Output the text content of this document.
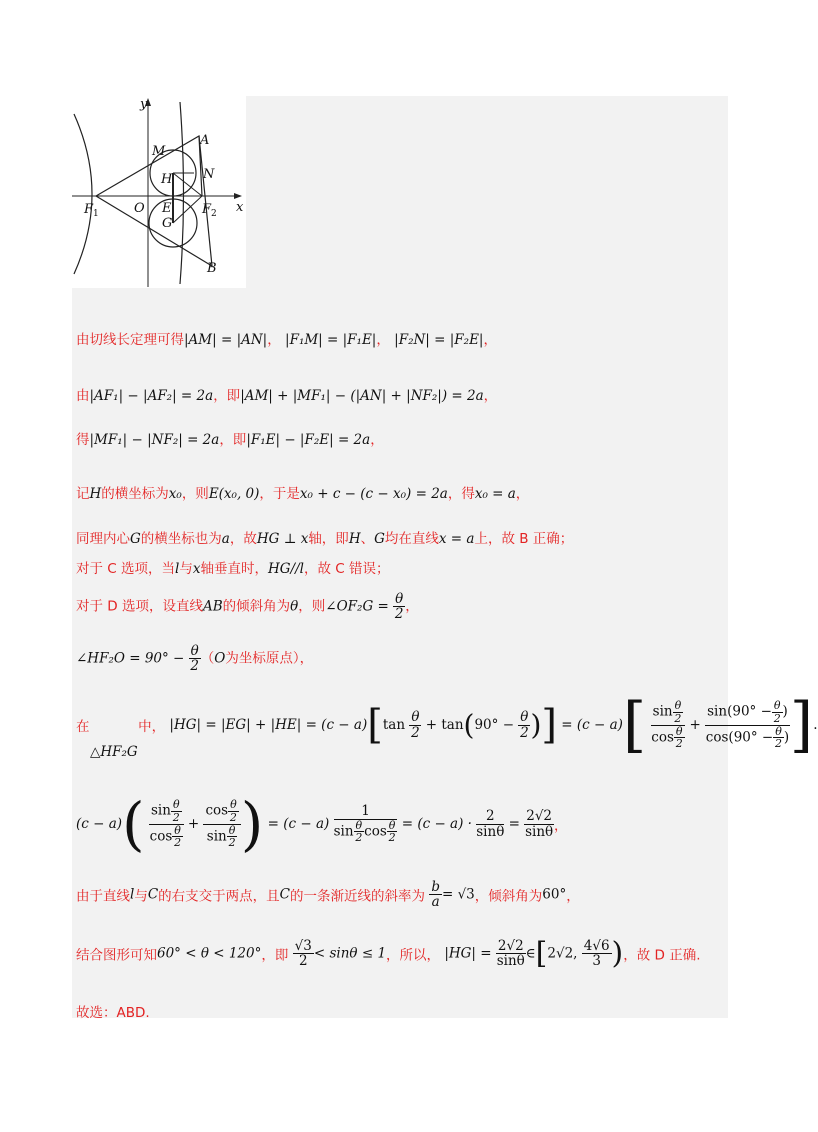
y
x
A
M
N
H
$F_1$	O E $F_2$
G
B
由切线长定理可得|AM| = |AN|， |F₁M| = |F₁E|， |F₂N| = |F₂E|，
由|AF₁| − |AF₂| = 2a，即|AM| + |MF₁| − (|AN| + |NF₂|) = 2a，
得|MF₁| − |NF₂| = 2a，即|F₁E| − |F₂E| = 2a，
记H的横坐标为x₀，则E(x₀, 0)，于是x₀ + c − (c − x₀) = 2a，得x₀ = a，
同理内心G的横坐标也为a，故HG ⊥ x轴，即H、G均在直线x = a上，故 B 正确；
对于 C 选项，当l与x轴垂直时，HG//l，故 C 错误；
对于 D 选项，设直线AB的倾斜角为θ，则∠OF₂G = $\frac{\theta}{2}$ ，
∠HF₂O = $90^\circ - \frac{\theta}{2} (O$为坐标原点），
在	中， $|HG| = |EG| + |HE| = (c - a)[\tan \frac{\theta}{2} + \tan(90^\circ - \frac{\theta}{2}$ )] = $(c - a)[ \frac{\sin \frac{\theta}{2}}{\cos \frac{\theta}{2}} + \frac{\sin(90^\circ - \frac{\theta}{2} )}{\cos(90^\circ - \frac{\theta}{2} )}$ ].
△HF₂G
$(c - a)( \frac{\sin \frac{\theta}{2}}{\cos \frac{\theta}{2}} + \frac{\cos \frac{\theta}{2}}{\sin \frac{\theta}{2}}$ ) = $(c - a) \frac{1}{\sin \frac{\theta}{2} \cos \frac{\theta}{2}} = (c - a) \cdot \frac{2}{\sin\theta} = \frac{2√2}{\sin\theta}$ ，
由于直线l与C的右支交于两点，且C的一条渐近线的斜率为 $\frac{b}{a} = √3$，倾斜角为60°，
结合图形可知60° < θ < 120°，即 $\frac{√3}{2} < \sin\theta \le 1$，所以， $|HG| = \frac{2√2}{\sin\theta}$ ∈[2√2, $\frac{4√6}{3}$ )，故 D 正确.
故选：ABD.
